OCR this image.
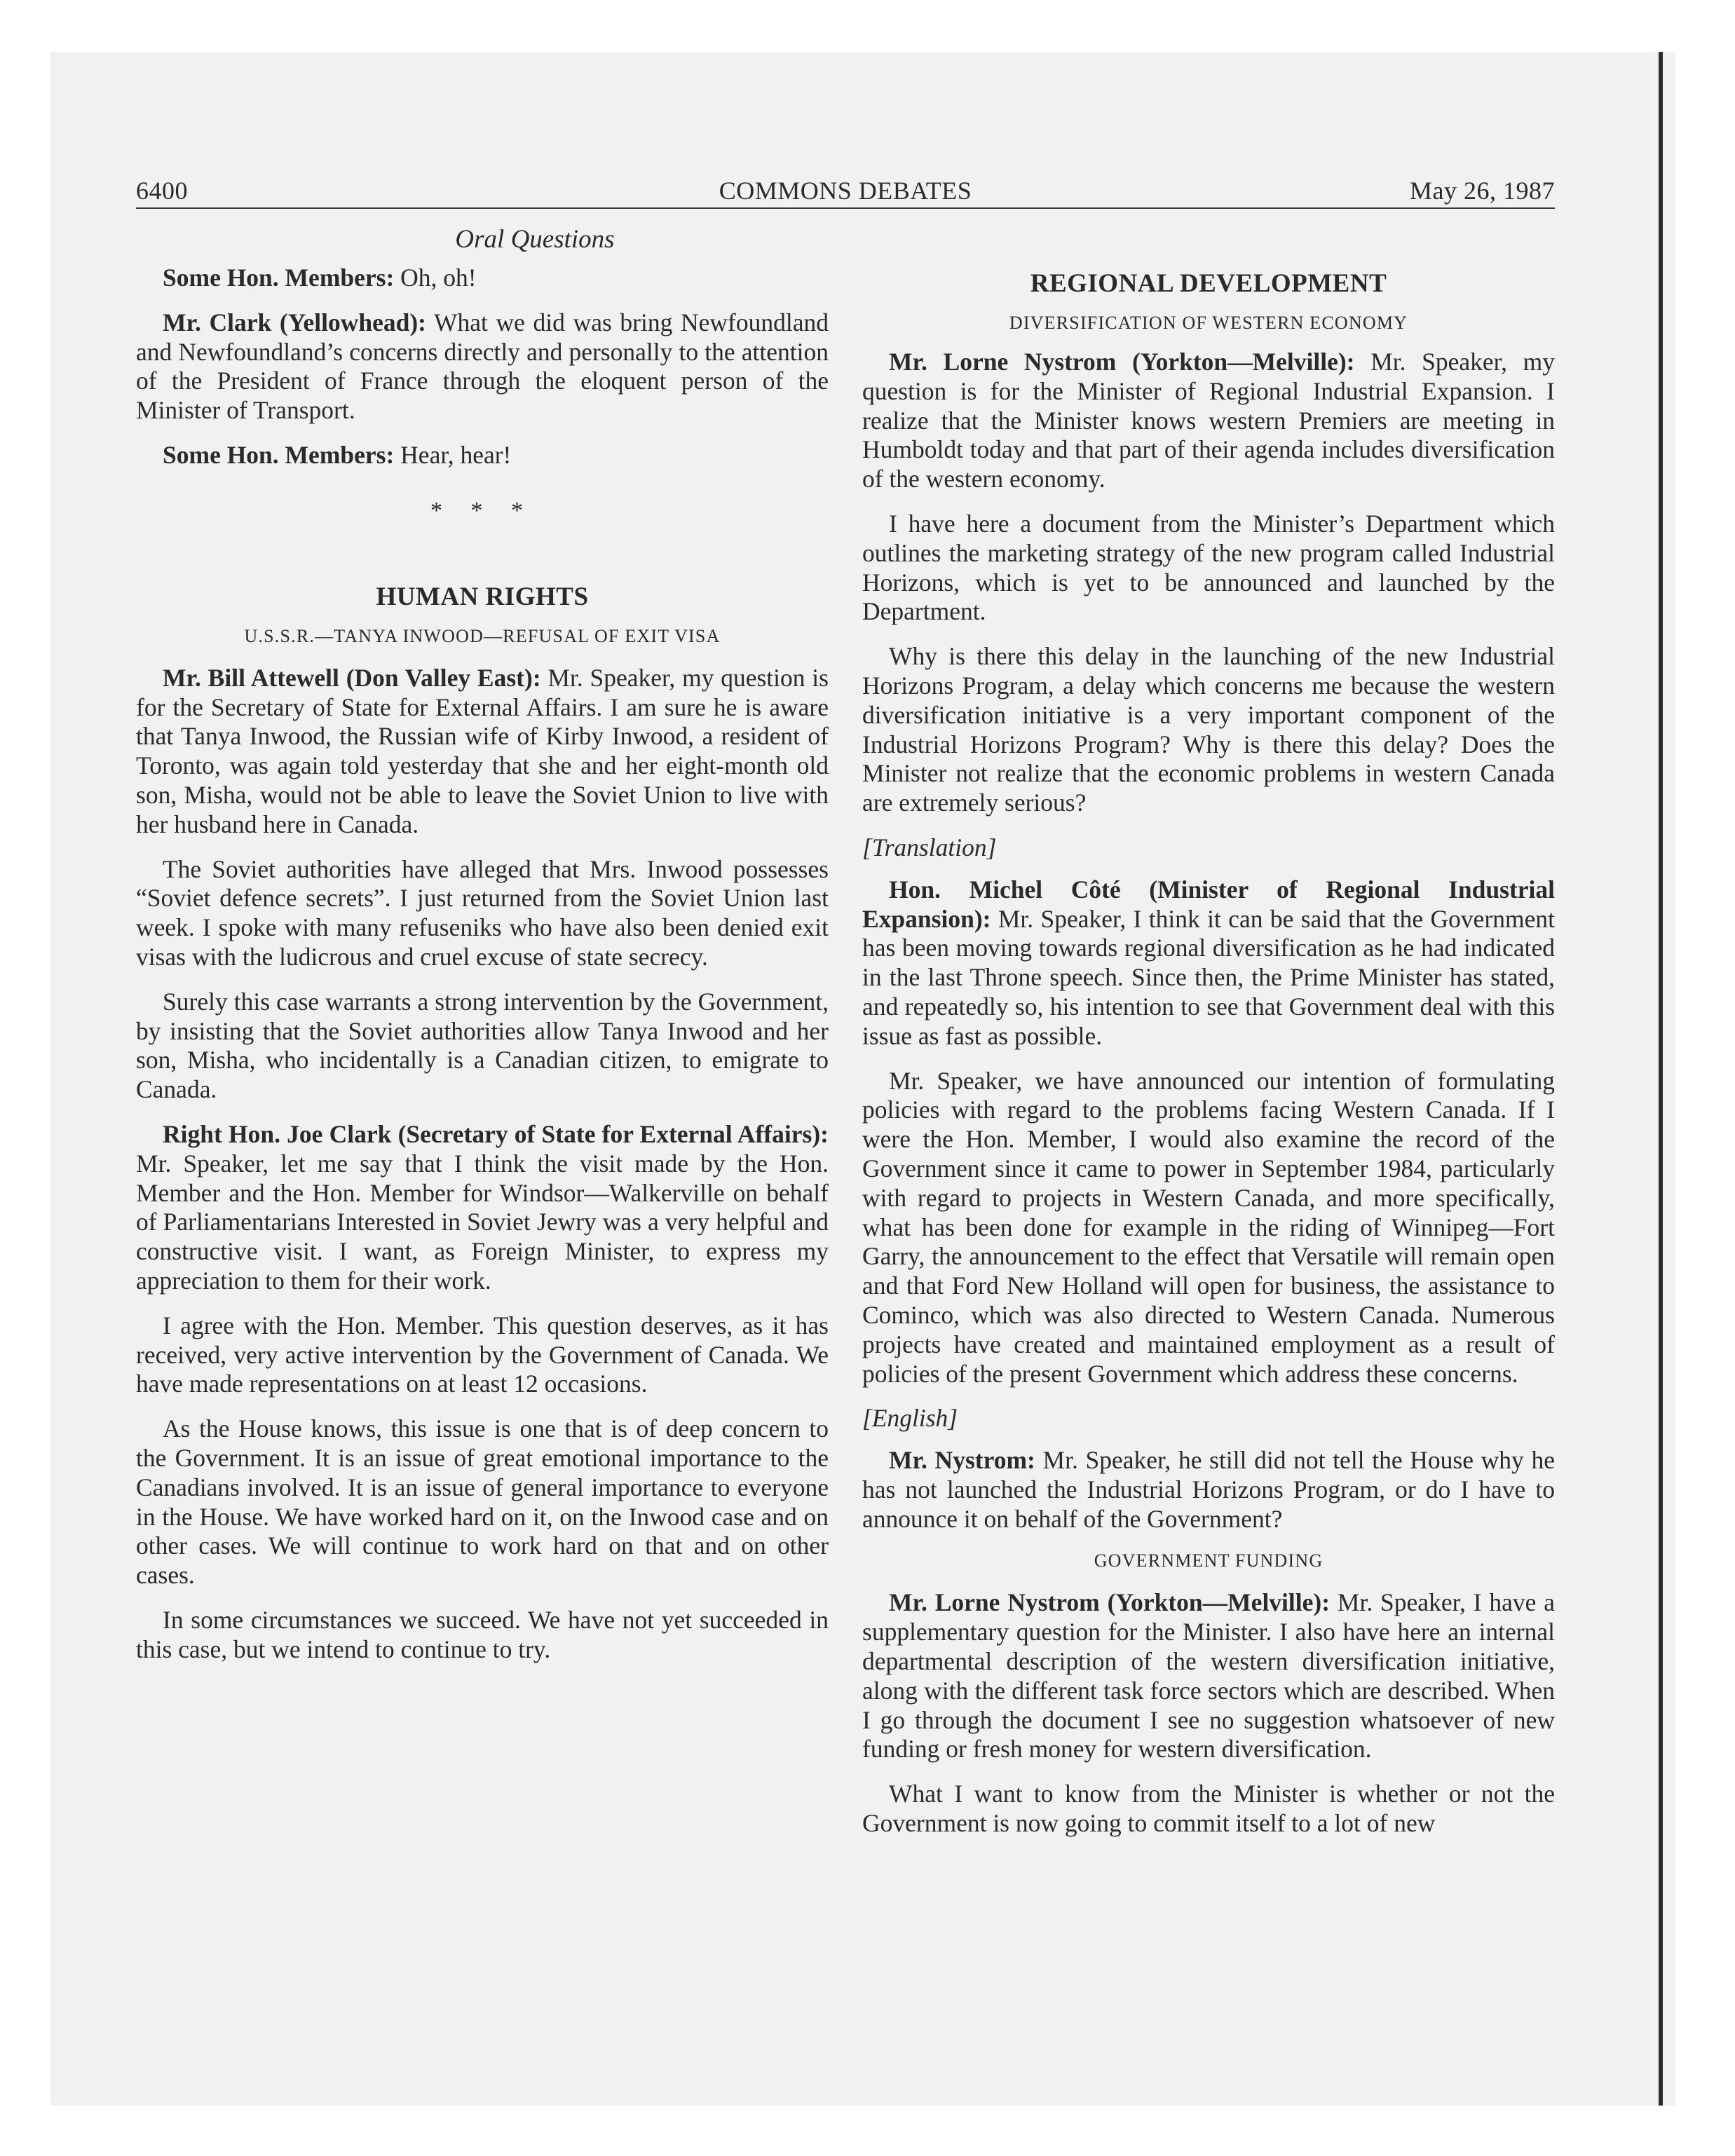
6400	COMMONS DEBATES	May 26, 1987
Oral Questions

Some Hon. Members: Oh, oh!

Mr. Clark (Yellowhead): What we did was bring Newfoundland and Newfoundland’s concerns directly and personally to the attention of the President of France through the eloquent person of the Minister of Transport.

Some Hon. Members: Hear, hear!

* * *
HUMAN RIGHTS
U.S.S.R.—TANYA INWOOD—REFUSAL OF EXIT VISA

Mr. Bill Attewell (Don Valley East): Mr. Speaker, my question is for the Secretary of State for External Affairs. I am sure he is aware that Tanya Inwood, the Russian wife of Kirby Inwood, a resident of Toronto, was again told yesterday that she and her eight-month old son, Misha, would not be able to leave the Soviet Union to live with her husband here in Canada.

The Soviet authorities have alleged that Mrs. Inwood possesses “Soviet defence secrets”. I just returned from the Soviet Union last week. I spoke with many refuseniks who have also been denied exit visas with the ludicrous and cruel excuse of state secrecy.

Surely this case warrants a strong intervention by the Government, by insisting that the Soviet authorities allow Tanya Inwood and her son, Misha, who incidentally is a Canadian citizen, to emigrate to Canada.

Right Hon. Joe Clark (Secretary of State for External Affairs): Mr. Speaker, let me say that I think the visit made by the Hon. Member and the Hon. Member for Windsor—Walkerville on behalf of Parliamentarians Interested in Soviet Jewry was a very helpful and constructive visit. I want, as Foreign Minister, to express my appreciation to them for their work.

I agree with the Hon. Member. This question deserves, as it has received, very active intervention by the Government of Canada. We have made representations on at least 12 occasions.

As the House knows, this issue is one that is of deep concern to the Government. It is an issue of great emotional importance to the Canadians involved. It is an issue of general importance to everyone in the House. We have worked hard on it, on the Inwood case and on other cases. We will continue to work hard on that and on other cases.

In some circumstances we succeed. We have not yet succeeded in this case, but we intend to continue to try.

REGIONAL DEVELOPMENT
DIVERSIFICATION OF WESTERN ECONOMY

Mr. Lorne Nystrom (Yorkton—Melville): Mr. Speaker, my question is for the Minister of Regional Industrial Expansion. I realize that the Minister knows western Premiers are meeting in Humboldt today and that part of their agenda includes diversification of the western economy.

I have here a document from the Minister’s Department which outlines the marketing strategy of the new program called Industrial Horizons, which is yet to be announced and launched by the Department.

Why is there this delay in the launching of the new Industrial Horizons Program, a delay which concerns me because the western diversification initiative is a very important component of the Industrial Horizons Program? Why is there this delay? Does the Minister not realize that the economic problems in western Canada are extremely serious?

[Translation]

Hon. Michel Côté (Minister of Regional Industrial Expansion): Mr. Speaker, I think it can be said that the Government has been moving towards regional diversification as he had indicated in the last Throne speech. Since then, the Prime Minister has stated, and repeatedly so, his intention to see that Government deal with this issue as fast as possible.

Mr. Speaker, we have announced our intention of formulating policies with regard to the problems facing Western Canada. If I were the Hon. Member, I would also examine the record of the Government since it came to power in September 1984, particularly with regard to projects in Western Canada, and more specifically, what has been done for example in the riding of Winnipeg—Fort Garry, the announcement to the effect that Versatile will remain open and that Ford New Holland will open for business, the assistance to Cominco, which was also directed to Western Canada. Numerous projects have created and maintained employment as a result of policies of the present Government which address these concerns.

[English]

Mr. Nystrom: Mr. Speaker, he still did not tell the House why he has not launched the Industrial Horizons Program, or do I have to announce it on behalf of the Government?

GOVERNMENT FUNDING

Mr. Lorne Nystrom (Yorkton—Melville): Mr. Speaker, I have a supplementary question for the Minister. I also have here an internal departmental description of the western diversification initiative, along with the different task force sectors which are described. When I go through the document I see no suggestion whatsoever of new funding or fresh money for western diversification.

What I want to know from the Minister is whether or not the Government is now going to commit itself to a lot of new
